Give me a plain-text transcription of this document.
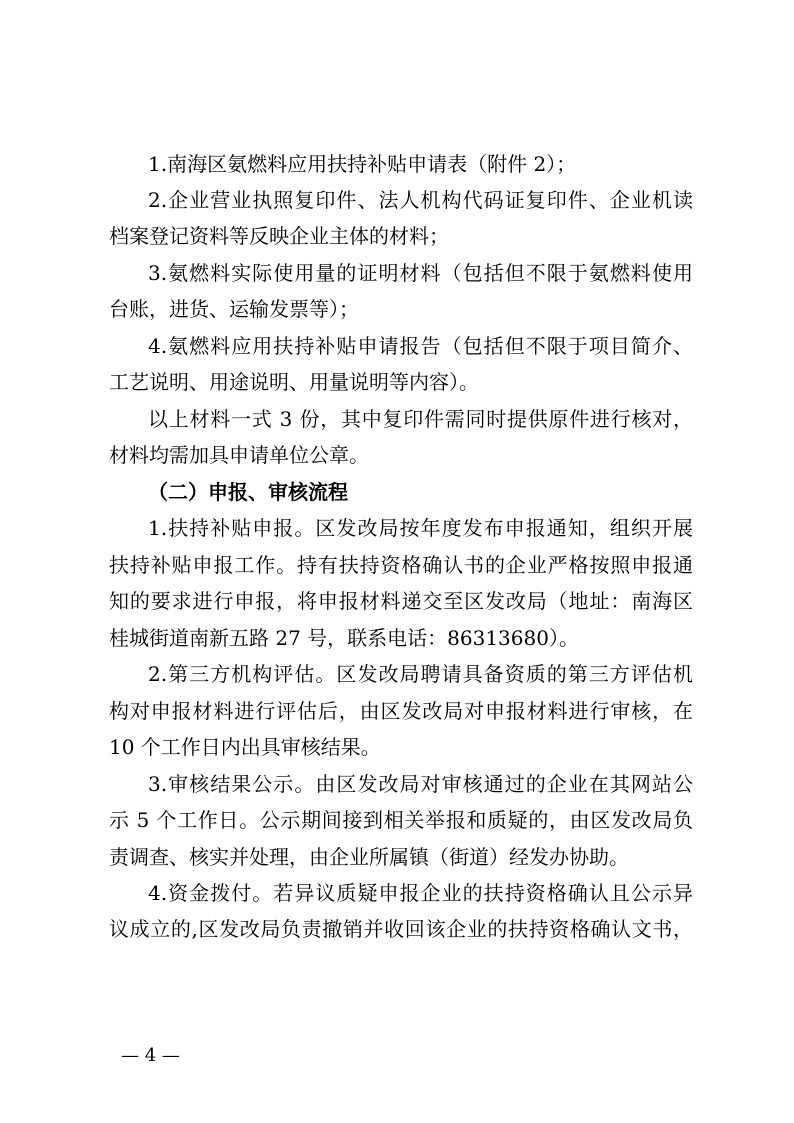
1.南海区氨燃料应用扶持补贴申请表（附件 2）；
2.企业营业执照复印件、法人机构代码证复印件、企业机读
档案登记资料等反映企业主体的材料；
3.氨燃料实际使用量的证明材料（包括但不限于氨燃料使用
台账，进货、运输发票等）；
4.氨燃料应用扶持补贴申请报告（包括但不限于项目简介、
工艺说明、用途说明、用量说明等内容）。
以上材料一式 3 份，其中复印件需同时提供原件进行核对，
材料均需加具申请单位公章。
（二）申报、审核流程
1.扶持补贴申报。区发改局按年度发布申报通知，组织开展
扶持补贴申报工作。持有扶持资格确认书的企业严格按照申报通
知的要求进行申报，将申报材料递交至区发改局（地址：南海区
桂城街道南新五路 27 号，联系电话：86313680）。
2.第三方机构评估。区发改局聘请具备资质的第三方评估机
构对申报材料进行评估后，由区发改局对申报材料进行审核，在
10 个工作日内出具审核结果。
3.审核结果公示。由区发改局对审核通过的企业在其网站公
示 5 个工作日。公示期间接到相关举报和质疑的，由区发改局负
责调查、核实并处理，由企业所属镇（街道）经发办协助。
4.资金拨付。若异议质疑申报企业的扶持资格确认且公示异
议成立的,区发改局负责撤销并收回该企业的扶持资格确认文书，
— 4 —
